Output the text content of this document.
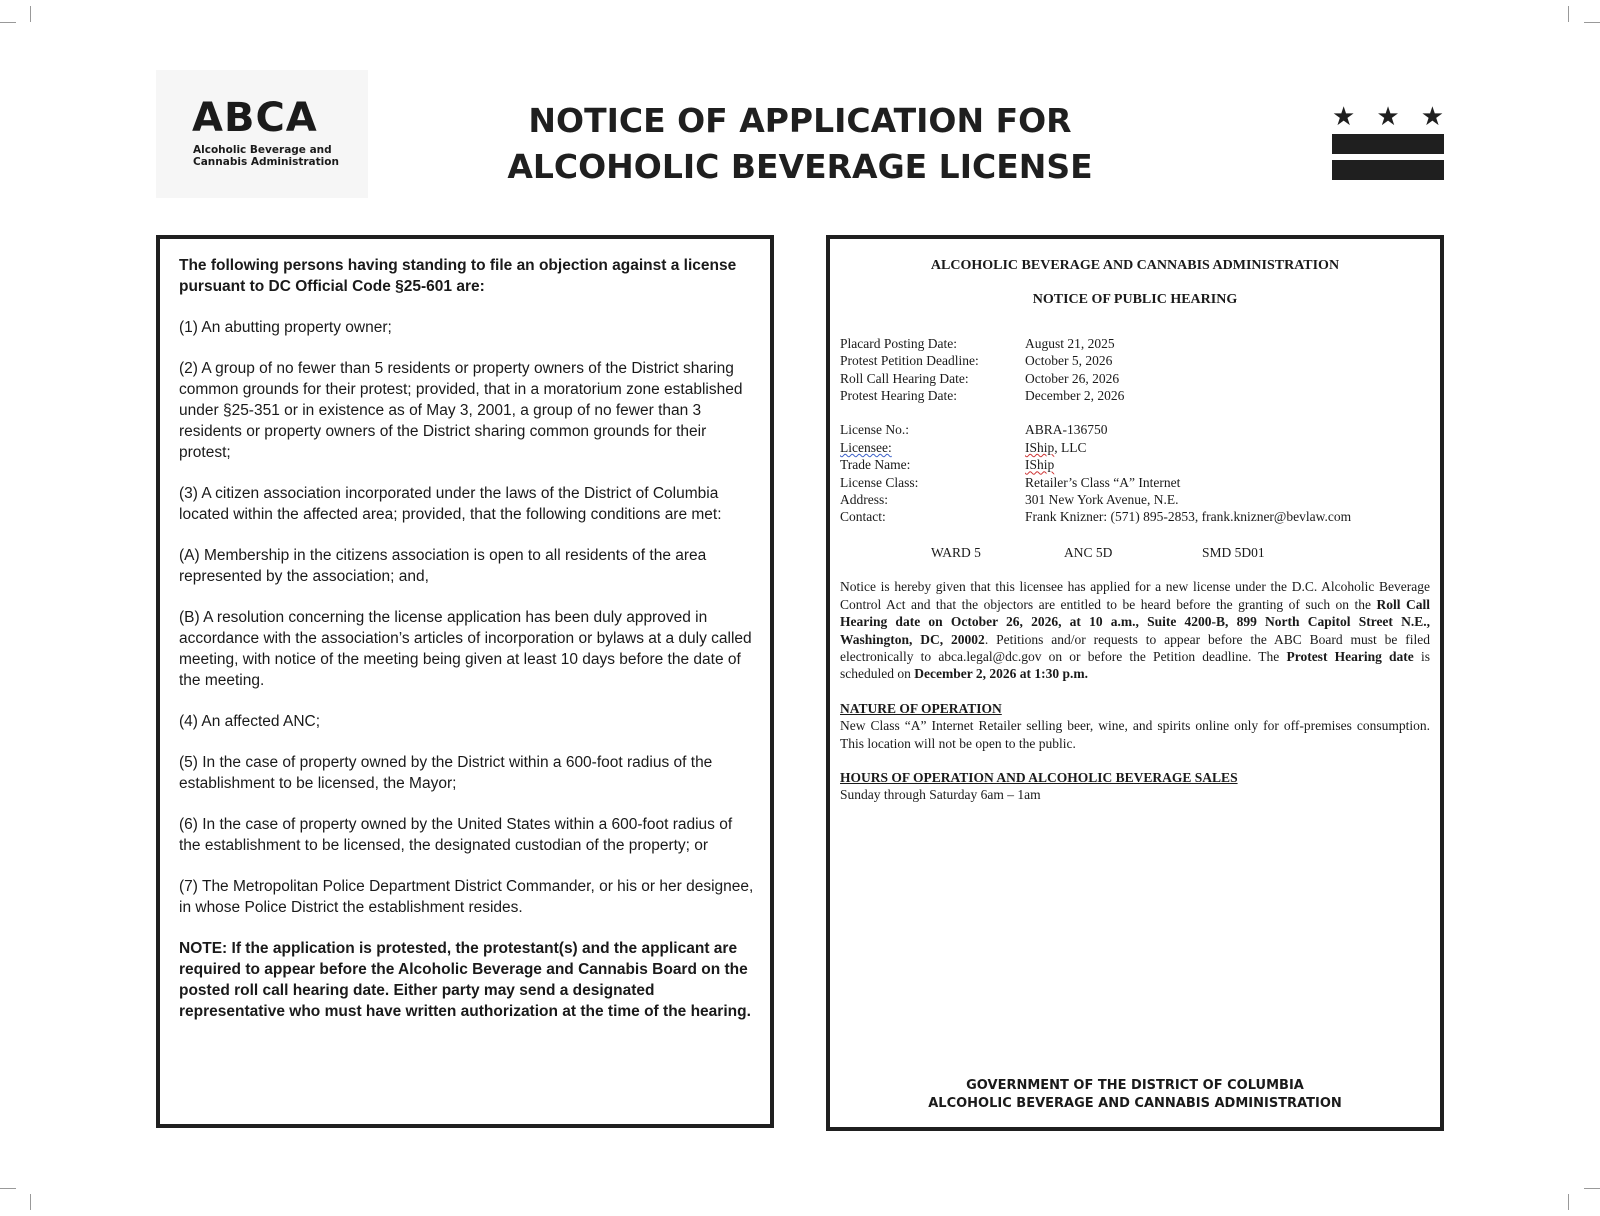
ABCA
Alcoholic Beverage and
Cannabis Administration
NOTICE OF APPLICATION FOR
ALCOHOLIC BEVERAGE LICENSE
★ ★ ★
The following persons having standing to file an objection against a license pursuant to DC Official Code §25-601 are:
(1) An abutting property owner;
(2) A group of no fewer than 5 residents or property owners of the District sharing common grounds for their protest; provided, that in a moratorium zone established under §25-351 or in existence as of May 3, 2001, a group of no fewer than 3 residents or property owners of the District sharing common grounds for their protest;
(3) A citizen association incorporated under the laws of the District of Columbia located within the affected area; provided, that the following conditions are met:
(A) Membership in the citizens association is open to all residents of the area represented by the association; and,
(B) A resolution concerning the license application has been duly approved in accordance with the association’s articles of incorporation or bylaws at a duly called meeting, with notice of the meeting being given at least 10 days before the date of the meeting.
(4) An affected ANC;
(5) In the case of property owned by the District within a 600-foot radius of the establishment to be licensed, the Mayor;
(6) In the case of property owned by the United States within a 600-foot radius of the establishment to be licensed, the designated custodian of the property; or
(7) The Metropolitan Police Department District Commander, or his or her designee, in whose Police District the establishment resides.
NOTE: If the application is protested, the protestant(s) and the applicant are required to appear before the Alcoholic Beverage and Cannabis Board on the posted roll call hearing date. Either party may send a designated representative who must have written authorization at the time of the hearing.
ALCOHOLIC BEVERAGE AND CANNABIS ADMINISTRATION
NOTICE OF PUBLIC HEARING
Placard Posting Date:	August 21, 2025
Protest Petition Deadline:	October 5, 2026
Roll Call Hearing Date:	October 26, 2026
Protest Hearing Date:	December 2, 2026
License No.:	ABRA-136750
Licensee:	IShip, LLC
Trade Name:	IShip
License Class:	Retailer’s Class “A” Internet
Address:	301 New York Avenue, N.E.
Contact:	Frank Knizner: (571) 895-2853, frank.knizner@bevlaw.com
WARD 5	ANC 5D	SMD 5D01
Notice is hereby given that this licensee has applied for a new license under the D.C. Alcoholic Beverage Control Act and that the objectors are entitled to be heard before the granting of such on the Roll Call Hearing date on October 26, 2026, at 10 a.m., Suite 4200-B, 899 North Capitol Street N.E., Washington, DC, 20002. Petitions and/or requests to appear before the ABC Board must be filed electronically to abca.legal@dc.gov on or before the Petition deadline. The Protest Hearing date is scheduled on December 2, 2026 at 1:30 p.m.
NATURE OF OPERATION
New Class “A” Internet Retailer selling beer, wine, and spirits online only for off-premises consumption. This location will not be open to the public.
HOURS OF OPERATION AND ALCOHOLIC BEVERAGE SALES
Sunday through Saturday 6am – 1am
GOVERNMENT OF THE DISTRICT OF COLUMBIA
ALCOHOLIC BEVERAGE AND CANNABIS ADMINISTRATION
